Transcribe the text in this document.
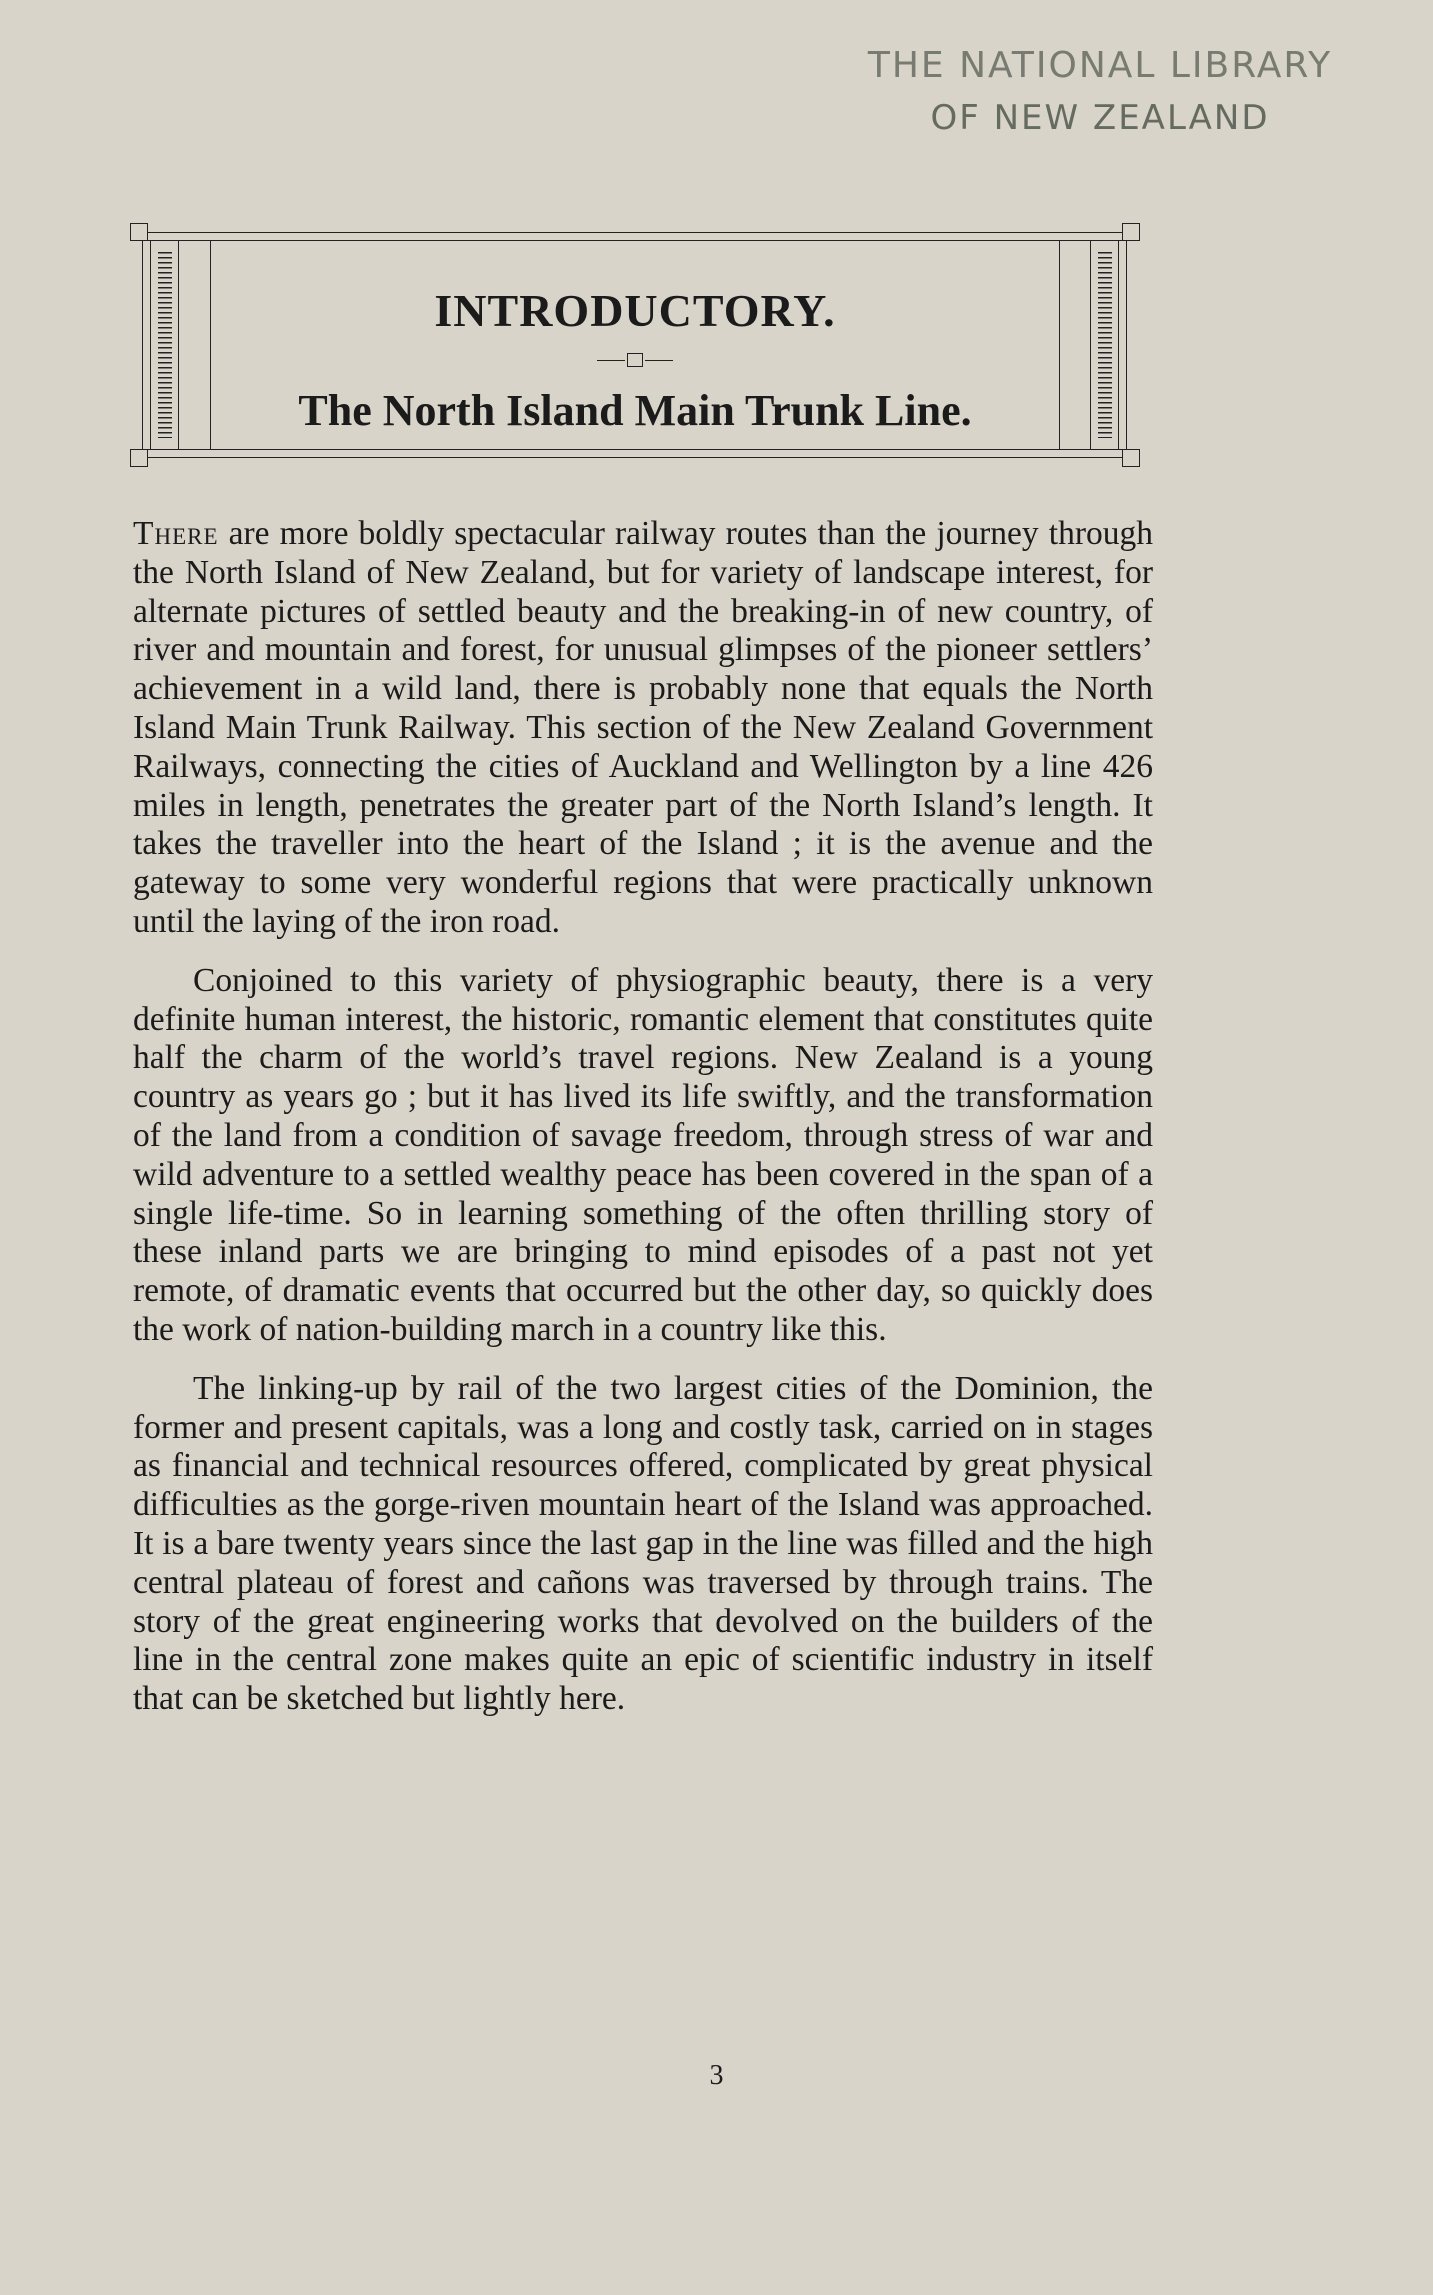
THE NATIONAL LIBRARY
OF NEW ZEALAND
INTRODUCTORY.
The North Island Main Trunk Line.

There are more boldly spectacular railway routes than the journey through the North Island of New Zealand, but for variety of landscape interest, for alternate pictures of settled beauty and the breaking-in of new country, of river and mountain and forest, for unusual glimpses of the pioneer settlers’ achievement in a wild land, there is probably none that equals the North Island Main Trunk Railway. This section of the New Zealand Government Railways, connecting the cities of Auckland and Wellington by a line 426 miles in length, penetrates the greater part of the North Island’s length. It takes the traveller into the heart of the Island ; it is the avenue and the gateway to some very wonderful regions that were practically unknown until the laying of the iron road.

Conjoined to this variety of physiographic beauty, there is a very definite human interest, the historic, romantic element that constitutes quite half the charm of the world’s travel regions. New Zealand is a young country as years go ; but it has lived its life swiftly, and the transformation of the land from a condition of savage freedom, through stress of war and wild adventure to a settled wealthy peace has been covered in the span of a single life-time. So in learning something of the often thrilling story of these inland parts we are bringing to mind episodes of a past not yet remote, of dramatic events that occurred but the other day, so quickly does the work of nation-building march in a country like this.

The linking-up by rail of the two largest cities of the Dominion, the former and present capitals, was a long and costly task, carried on in stages as financial and technical resources offered, complicated by great physical difficulties as the gorge-riven mountain heart of the Island was approached. It is a bare twenty years since the last gap in the line was filled and the high central plateau of forest and cañons was traversed by through trains. The story of the great engineering works that devolved on the builders of the line in the central zone makes quite an epic of scientific industry in itself that can be sketched but lightly here.

3
